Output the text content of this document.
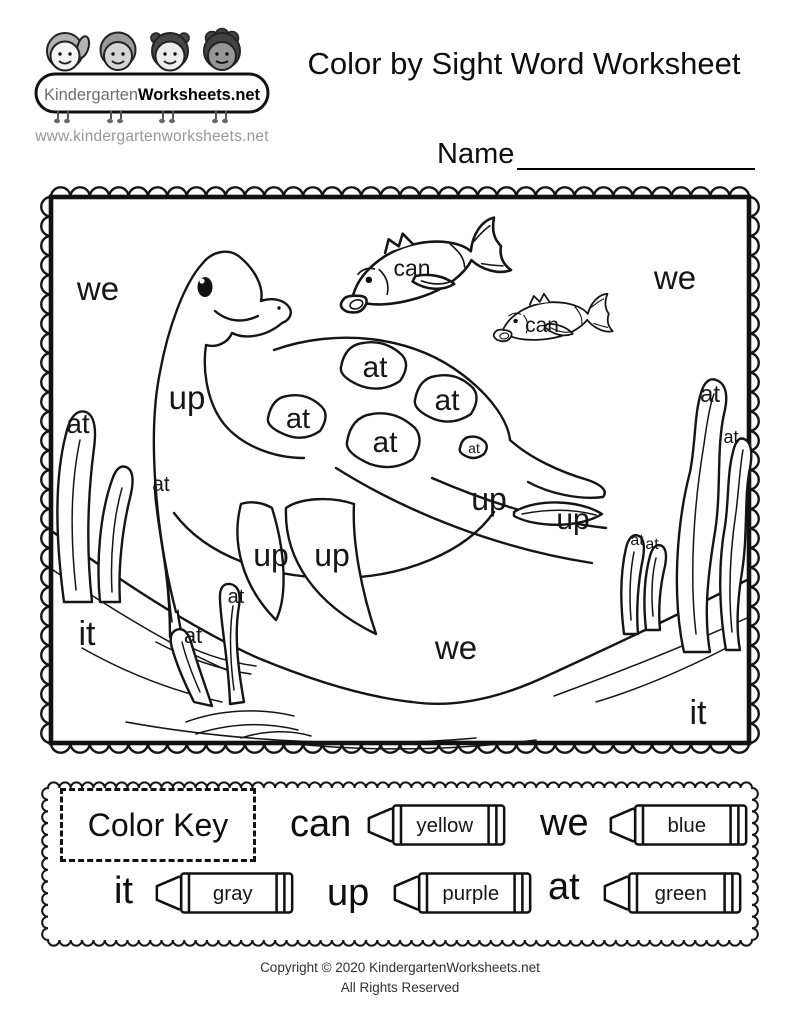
KindergartenWorksheets.net
www.kindergartenworksheets.net
Color by Sight Word Worksheet
Name
we	we
we
can
can
up
up up
up
up
at
at
at
at
at
at
at
at
at
at at
at
at
it
it
Color Key can	yellow we	blue
it	gray up	purple at	green
Copyright © 2020 KindergartenWorksheets.net
All Rights Reserved
